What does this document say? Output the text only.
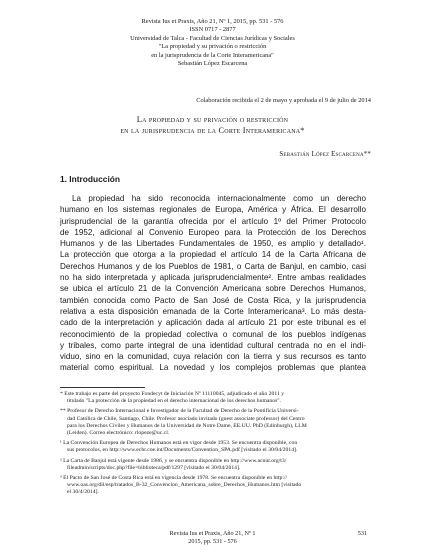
Revista Ius et Praxis, Año 21, Nº 1, 2015, pp. 531 - 576
ISSN 0717 - 2877
Universidad de Talca - Facultad de Ciencias Jurídicas y Sociales
"La propiedad y su privación o restricción
en la jurisprudencia de la Corte Interamericana"
Sebastián López Escarcena
Colaboración recibida el 2 de mayo y aprobada el 9 de julio de 2014
La propiedad y su privación o restricción
en la jurisprudencia de la Corte Interamericana*
Sebastián López Escarcena**
1. Introducción
La propiedad ha sido reconocida internacionalmente como un derecho
humano en los sistemas regionales de Europa, América y África. El desarrollo
jurisprudencial de la garantía ofrecida por el artículo 1º del Primer Protocolo
de 1952, adicional al Convenio Europeo para la Protección de los Derechos
Humanos y de las Libertades Fundamentales de 1950, es amplio y detallado¹.
La protección que otorga a la propiedad el artículo 14 de la Carta Africana de
Derechos Humanos y de los Pueblos de 1981, o Carta de Banjul, en cambio, casi
no ha sido interpretada y aplicada jurisprudencialmente². Entre ambas realidades
se ubica el artículo 21 de la Convención Americana sobre Derechos Humanos,
también conocida como Pacto de San José de Costa Rica, y la jurisprudencia
relativa a esta disposición emanada de la Corte Interamericana³. Lo más desta-
cado de la interpretación y aplicación dada al artículo 21 por este tribunal es el
reconocimiento de la propiedad colectiva o comunal de los pueblos indígenas
y tribales, como parte integral de una identidad cultural centrada no en el indi-
viduo, sino en la comunidad, cuya relación con la tierra y sus recursos es tanto
material como espiritual. La novedad y los complejos problemas que plantea
* Este trabajo es parte del proyecto Fondecyt de Iniciación Nº 11110045, adjudicado el año 2011 y
titulado "La protección de la propiedad en el derecho internacional de los derechos humanos".
** Profesor de Derecho Internacional e Investigador de la Facultad de Derecho de la Pontificia Universi-
dad Católica de Chile, Santiago, Chile. Profesor asociado invitado (guest associate professor) del Centro
para los Derechos Civiles y Humanos de la Universidad de Notre Dame, EE.UU. PhD (Edinburgh), LLM
(Leiden). Correo electrónico: rlopeze@uc.cl.
¹ La Convención Europea de Derechos Humanos está en vigor desde 1953. Se encuentra disponible, con
sus protocolos, en http://www.echr.coe.int/Documents/Convention_SPA.pdf [visitado el 30/04/2014].
² La Carta de Banjul está vigente desde 1986, y se encuentra disponible en http://www.acnur.org/t3/
fileadmin/scripts/doc.php?file=biblioteca/pdf/1297 [visitado el 30/04/2014].
³ El Pacto de San José de Costa Rica está en vigencia desde 1978. Se encuentra disponible en http://
www.oas.org/dil/esp/tratados_B-32_Convencion_Americana_sobre_Derechos_Humanos.htm [visitado
el 30/4/2014].
Revista Ius et Praxis, Año 21, Nº 1
2015, pp. 531 - 576
531
